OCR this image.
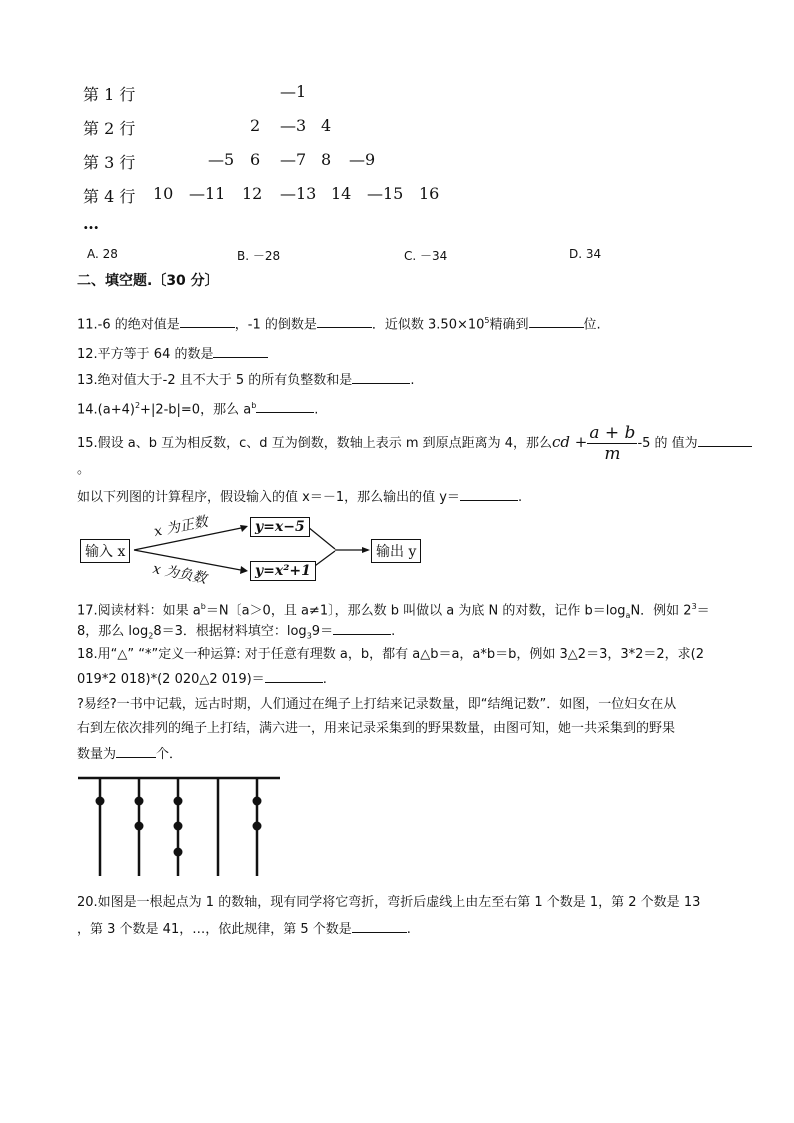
第 1 行	—1
第 2 行	2 —3 4
第 3 行	—5 6 —7 8 —9
第 4 行 10 —11 12 —13 14 —15 16
…
A. 28	B. －28	C. －34	D. 34
二、填空题.〔30 分〕
11.-6 的绝对值是	，-1 的倒数是	．近似数 $3.50\times 10^5$精确到	位.
12.平方等于 64 的数是
13.绝对值大于-2 且不大于 5 的所有负整数和是	.
$14.(a+4)^2+|2-b|=0$，那么 $a^b$	.
15.假设 a、b 互为相反数，c、d 互为倒数，数轴上表示 m 到原点距离为 4，那么cd + $\frac{a + b}{m} -5$ 的 值为
。
如以下列图的计算程序，假设输入的值 x＝－1，那么输出的值 y＝	.
输入 x
x 为正数
x 为负数
y=x−5
y=x²+1
输出 y
17.阅读材料：如果 $a^b=N$〔a＞0，且 a≠1〕，那么数 b 叫做以 a 为底 N 的对数，记作 $b=\log_aN$．例如 $2^3=$
8，那么 $\log_28=3$．根据材料填空：$\log_39=$	.
18.用“△” “*”定义一种运算: 对于任意有理数 a，b，都有 a△b＝a，a*b＝b，例如 3△2＝3，3*2＝2，求(2
019*2 018)*(2 020△2 019)＝	.
?易经?一书中记载，远古时期，人们通过在绳子上打结来记录数量，即“结绳记数”．如图，一位妇女在从
右到左依次排列的绳子上打结，满六进一，用来记录采集到的野果数量，由图可知，她一共采集到的野果
数量为	个．
20.如图是一根起点为 1 的数轴，现有同学将它弯折，弯折后虚线上由左至右第 1 个数是 1，第 2 个数是 13
，第 3 个数是 41，…，依此规律，第 5 个数是	.
